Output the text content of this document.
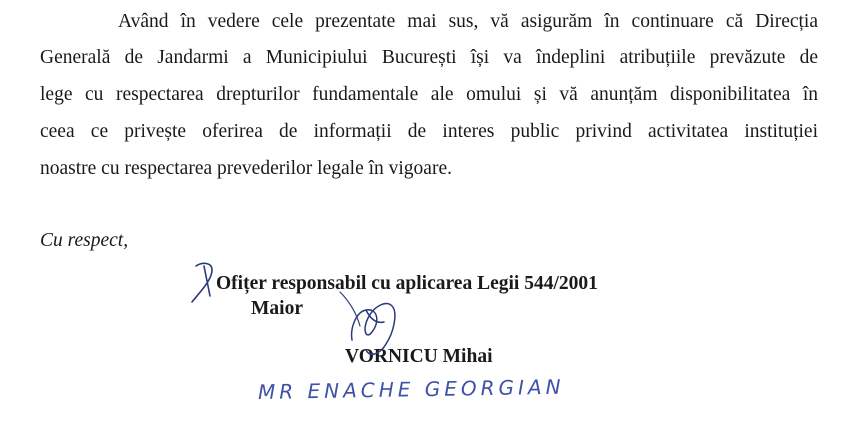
Având în vedere cele prezentate mai sus, vă asigurăm în continuare că Direcția
Generală de Jandarmi a Municipiului București își va îndeplini atribuțiile prevăzute de
lege cu respectarea drepturilor fundamentale ale omului și vă anunțăm disponibilitatea în
ceea ce privește oferirea de informații de interes public privind activitatea instituției
noastre cu respectarea prevederilor legale în vigoare.
Cu respect,
Ofițer responsabil cu aplicarea Legii 544/2001
Maior
VORNICU Mihai
MR ENACHE GEORGIAN
